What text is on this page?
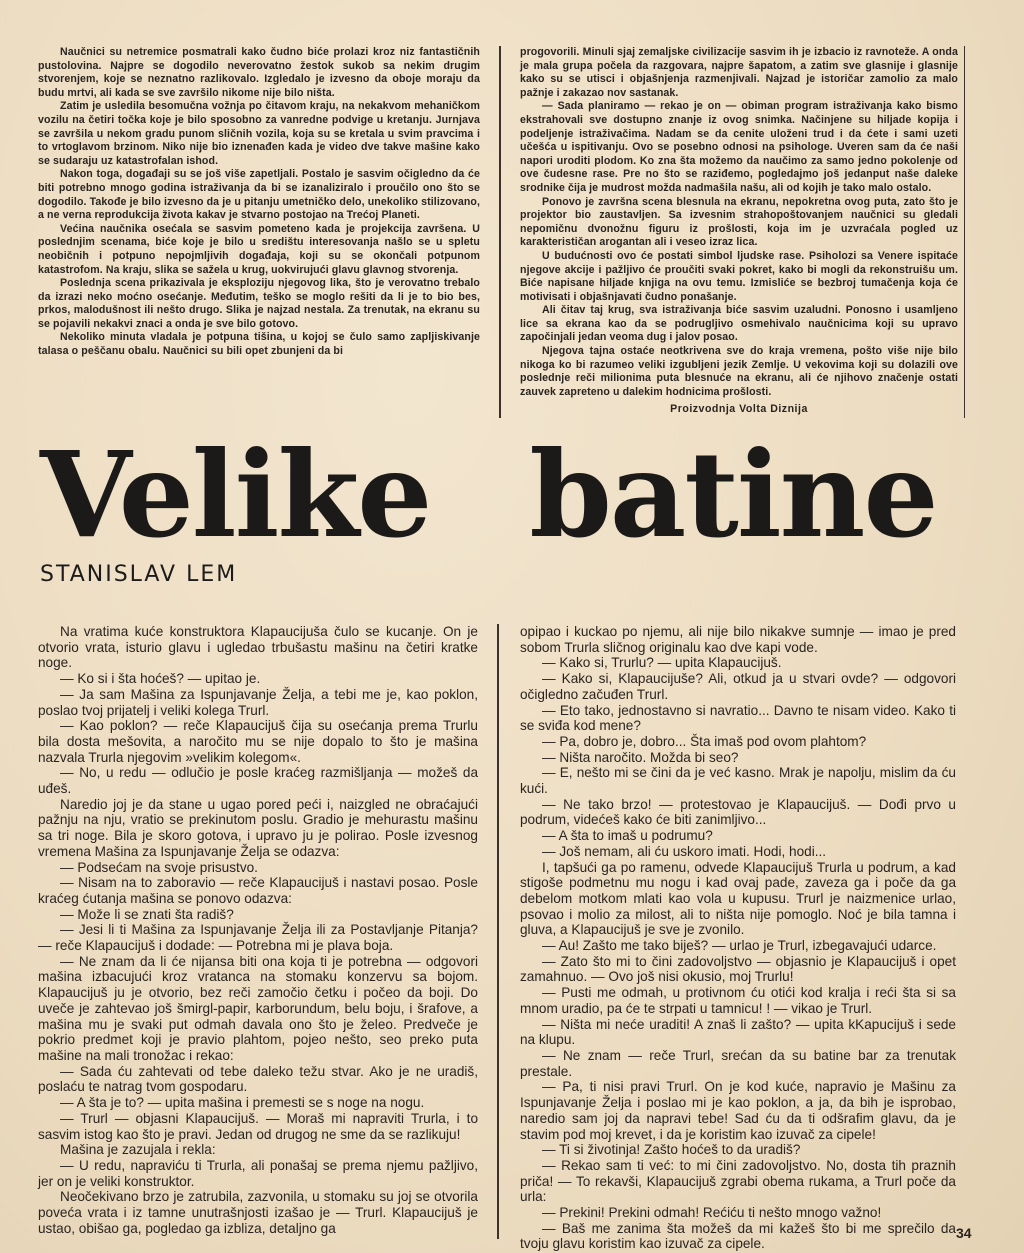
Naučnici su netremice posmatrali kako čudno biće prolazi kroz niz fantastičnih pustolovina. Najpre se dogodilo neverovatno žestok sukob sa nekim drugim stvorenjem, koje se neznatno razlikovalo. Izgledalo je izvesno da oboje moraju da budu mrtvi, ali kada se sve završilo nikome nije bilo ništa.

Zatim je usledila besomučna vožnja po čitavom kraju, na nekakvom mehaničkom vozilu na četiri točka koje je bilo sposobno za vanredne podvige u kretanju. Jurnjava se završila u nekom gradu punom sličnih vozila, koja su se kretala u svim pravcima i to vrtoglavom brzinom. Niko nije bio iznenađen kada je video dve takve mašine kako se sudaraju uz katastrofalan ishod.

Nakon toga, događaji su se još više zapetljali. Postalo je sasvim očigledno da će biti potrebno mnogo godina istraživanja da bi se izanaliziralo i proučilo ono što se dogodilo. Takođe je bilo izvesno da je u pitanju umetničko delo, unekoliko stilizovano, a ne verna reprodukcija života kakav je stvarno postojao na Trećoj Planeti.

Većina naučnika osećala se sasvim pometeno kada je projekcija završena. U poslednjim scenama, biće koje je bilo u središtu interesovanja našlo se u spletu neobičnih i potpuno nepojmljivih događaja, koji su se okončali potpunom katastrofom. Na kraju, slika se sažela u krug, uokvirujući glavu glavnog stvorenja.

Poslednja scena prikazivala je eksploziju njegovog lika, što je verovatno trebalo da izrazi neko moćno osećanje. Međutim, teško se moglo rešiti da li je to bio bes, prkos, malodušnost ili nešto drugo. Slika je najzad nestala. Za trenutak, na ekranu su se pojavili nekakvi znaci a onda je sve bilo gotovo.

Nekoliko minuta vladala je potpuna tišina, u kojoj se čulo samo zapljiskivanje talasa o peščanu obalu. Naučnici su bili opet zbunjeni da bi

progovorili. Minuli sjaj zemaljske civilizacije sasvim ih je izbacio iz ravnoteže. A onda je mala grupa počela da razgovara, najpre šapatom, a zatim sve glasnije i glasnije kako su se utisci i objašnjenja razmenjivali. Najzad je istoričar zamolio za malo pažnje i zakazao nov sastanak.

— Sada planiramo — rekao je on — obiman program istraživanja kako bismo ekstrahovali sve dostupno znanje iz ovog snimka. Načinjene su hiljade kopija i podeljenje istraživačima. Nadam se da cenite uloženi trud i da ćete i sami uzeti učešća u ispitivanju. Ovo se posebno odnosi na psihologe. Uveren sam da će naši napori uroditi plodom. Ko zna šta možemo da naučimo za samo jedno pokolenje od ove čudesne rase. Pre no što se raziđemo, pogledajmo još jedanput naše daleke srodnike čija je mudrost možda nadmašila našu, ali od kojih je tako malo ostalo.

Ponovo je završna scena blesnula na ekranu, nepokretna ovog puta, zato što je projektor bio zaustavljen. Sa izvesnim strahopoštovanjem naučnici su gledali nepomičnu dvonožnu figuru iz prošlosti, koja im je uzvraćala pogled uz karakterističan arogantan ali i veseo izraz lica.

U budućnosti ovo će postati simbol ljudske rase. Psiholozi sa Venere ispitaće njegove akcije i pažljivo će proučiti svaki pokret, kako bi mogli da rekonstruišu um. Biće napisane hiljade knjiga na ovu temu. Izmisliće se bezbroj tumačenja koja će motivisati i objašnjavati čudno ponašanje.

Ali čitav taj krug, sva istraživanja biće sasvim uzaludni. Ponosno i usamljeno lice sa ekrana kao da se podrugljivo osmehivalo naučnicima koji su upravo započinjali jedan veoma dug i jalov posao.

Njegova tajna ostaće neotkrivena sve do kraja vremena, pošto više nije bilo nikoga ko bi razumeo veliki izgubljeni jezik Zemlje. U vekovima koji su dolazili ove poslednje reči milionima puta blesnuće na ekranu, ali će njihovo značenje ostati zauvek zapreteno u dalekim hodnicima prošlosti.

Proizvodnja Volta Diznija

Velike batine
STANISLAV LEM

Na vratima kuće konstruktora Klapaucijuša čulo se kucanje. On je otvorio vrata, isturio glavu i ugledao trbušastu mašinu na četiri kratke noge.

— Ko si i šta hoćeš? — upitao je.

— Ja sam Mašina za Ispunjavanje Želja, a tebi me je, kao poklon, poslao tvoj prijatelj i veliki kolega Trurl.

— Kao poklon? — reče Klapaucijuš čija su osećanja prema Trurlu bila dosta mešovita, a naročito mu se nije dopalo to što je mašina nazvala Trurla njegovim »velikim kolegom«.

— No, u redu — odlučio je posle kraćeg razmišljanja — možeš da uđeš.

Naredio joj je da stane u ugao pored peći i, naizgled ne obraćajući pažnju na nju, vratio se prekinutom poslu. Gradio je mehurastu mašinu sa tri noge. Bila je skoro gotova, i upravo ju je polirao. Posle izvesnog vremena Mašina za Ispunjavanje Želja se odazva:

— Podsećam na svoje prisustvo.

— Nisam na to zaboravio — reče Klapaucijuš i nastavi posao. Posle kraćeg ćutanja mašina se ponovo odazva:

— Može li se znati šta radiš?

— Jesi li ti Mašina za Ispunjavanje Želja ili za Postavljanje Pitanja? — reče Klapaucijuš i dodade: — Potrebna mi je plava boja.

— Ne znam da li će nijansa biti ona koja ti je potrebna — odgovori mašina izbacujući kroz vratanca na stomaku konzervu sa bojom. Klapaucijuš ju je otvorio, bez reči zamočio četku i počeo da boji. Do uveče je zahtevao još šmirgl-papir, karborundum, belu boju, i šrafove, a mašina mu je svaki put odmah davala ono što je želeo. Predveče je pokrio predmet koji je pravio plahtom, pojeo nešto, seo preko puta mašine na mali tronožac i rekao:

— Sada ću zahtevati od tebe daleko težu stvar. Ako je ne uradiš, poslaću te natrag tvom gospodaru.

— A šta je to? — upita mašina i premesti se s noge na nogu.

— Trurl — objasni Klapaucijuš. — Moraš mi napraviti Trurla, i to sasvim istog kao što je pravi. Jedan od drugog ne sme da se razlikuju!

Mašina je zazujala i rekla:

— U redu, napraviću ti Trurla, ali ponašaj se prema njemu pažljivo, jer on je veliki konstruktor.

Neočekivano brzo je zatrubila, zazvonila, u stomaku su joj se otvorila poveća vrata i iz tamne unutrašnjosti izašao je — Trurl. Klapaucijuš je ustao, obišao ga, pogledao ga izbliza, detaljno ga

opipao i kuckao po njemu, ali nije bilo nikakve sumnje — imao je pred sobom Trurla sličnog originalu kao dve kapi vode.

— Kako si, Trurlu? — upita Klapaucijuš.

— Kako si, Klapaucijuše? Ali, otkud ja u stvari ovde? — odgovori očigledno začuđen Trurl.

— Eto tako, jednostavno si navratio... Davno te nisam video. Kako ti se sviđa kod mene?

— Pa, dobro je, dobro... Šta imaš pod ovom plahtom?

— Ništa naročito. Možda bi seo?

— E, nešto mi se čini da je već kasno. Mrak je napolju, mislim da ću kući.

— Ne tako brzo! — protestovao je Klapaucijuš. — Dođi prvo u podrum, videćeš kako će biti zanimljivo...

— A šta to imaš u podrumu?

— Još nemam, ali ću uskoro imati. Hodi, hodi...

I, tapšući ga po ramenu, odvede Klapaucijuš Trurla u podrum, a kad stigoše podmetnu mu nogu i kad ovaj pade, zaveza ga i poče da ga debelom motkom mlati kao vola u kupusu. Trurl je naizmenice urlao, psovao i molio za milost, ali to ništa nije pomoglo. Noć je bila tamna i gluva, a Klapaucijuš je sve je zvonilo.

— Au! Zašto me tako biješ? — urlao je Trurl, izbegavajući udarce.

— Zato što mi to čini zadovoljstvo — objasnio je Klapaucijuš i opet zamahnuo. — Ovo još nisi okusio, moj Trurlu!

— Pusti me odmah, u protivnom ću otići kod kralja i reći šta si sa mnom uradio, pa će te strpati u tamnicu! ! — vikao je Trurl.

— Ništa mi neće uraditi! A znaš li zašto? — upita kKapucijuš i sede na klupu.

— Ne znam — reče Trurl, srećan da su batine bar za trenutak prestale.

— Pa, ti nisi pravi Trurl. On je kod kuće, napravio je Mašinu za Ispunjavanje Želja i poslao mi je kao poklon, a ja, da bih je isprobao, naredio sam joj da napravi tebe! Sad ću da ti odšrafim glavu, da je stavim pod moj krevet, i da je koristim kao izuvač za cipele!

— Ti si životinja! Zašto hoćeš to da uradiš?

— Rekao sam ti već: to mi čini zadovoljstvo. No, dosta tih praznih priča! — To rekavši, Klapaucijuš zgrabi obema rukama, a Trurl poče da urla:

— Prekini! Prekini odmah! Rećiću ti nešto mnogo važno!

— Baš me zanima šta možeš da mi kažeš što bi me sprečilo da tvoju glavu koristim kao izuvač za cipele.

34
